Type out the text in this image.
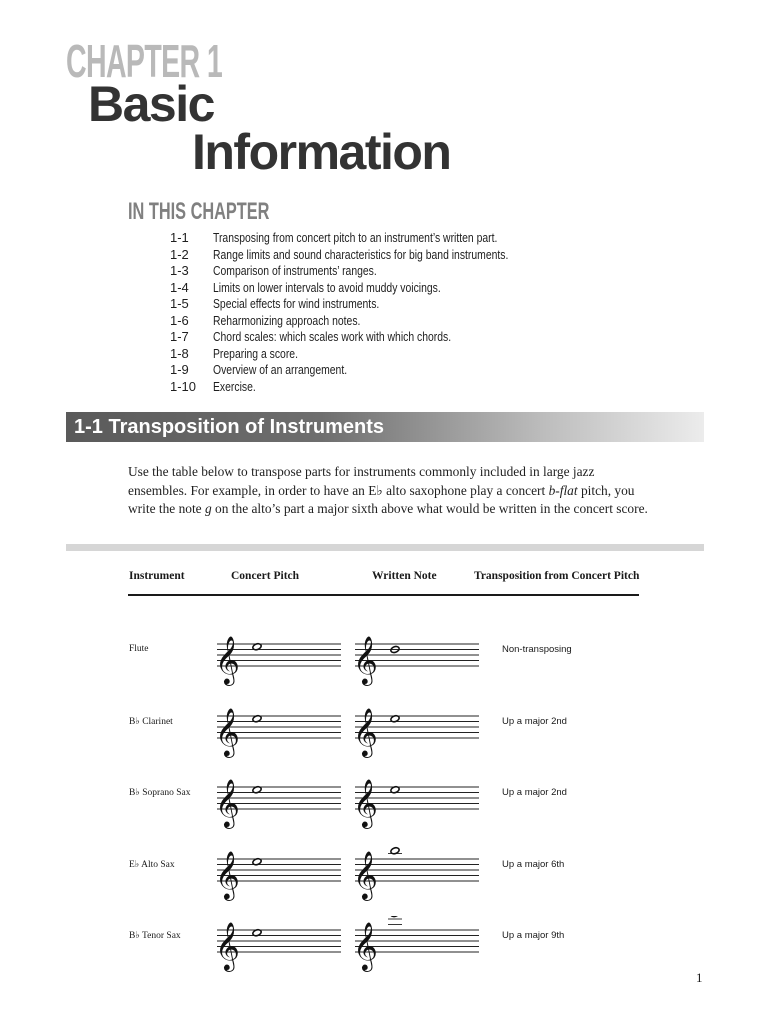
CHAPTER 1
Basic
Information
IN THIS CHAPTER
1-1 Transposing from concert pitch to an instrument’s written part.
1-2 Range limits and sound characteristics for big band instruments.
1-3 Comparison of instruments’ ranges.
1-4 Limits on lower intervals to avoid muddy voicings.
1-5 Special effects for wind instruments.
1-6 Reharmonizing approach notes.
1-7 Chord scales: which scales work with which chords.
1-8 Preparing a score.
1-9 Overview of an arrangement.
1-10 Exercise.
1-1 Transposition of Instruments

Use the table below to transpose parts for instruments commonly included in large jazz ensembles. For example, in order to have an E♭ alto saxophone play a concert b-flat pitch, you write the note g on the alto’s part a major sixth above what would be written in the concert score.

Instrument	Concert Pitch	Written Note	Transposition from Concert Pitch
Flute 𝄞	𝄞	Non-transposing
B♭ Clarinet 𝄞	𝄞	Up a major 2nd
B♭ Soprano Sax 𝄞	𝄞	Up a major 2nd
E♭ Alto Sax 𝄞	𝄞	Up a major 6th
B♭ Tenor Sax 𝄞	𝄞	Up a major 9th
1
